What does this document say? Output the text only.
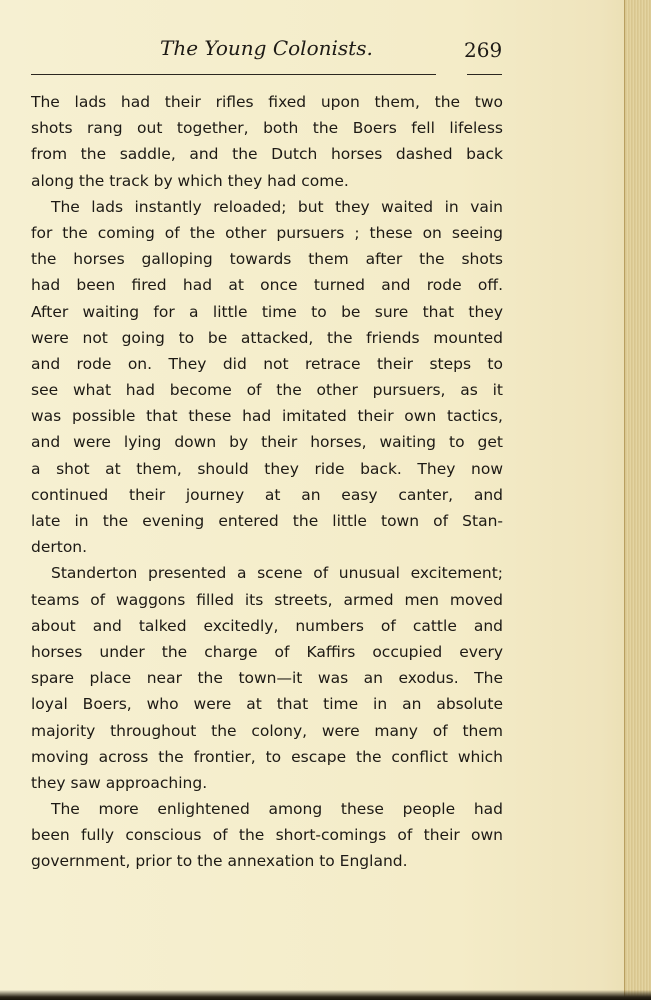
The Young Colonists.	269
The lads had their rifles fixed upon them, the two
shots rang out together, both the Boers fell lifeless
from the saddle, and the Dutch horses dashed back
along the track by which they had come.
The lads instantly reloaded; but they waited in vain
for the coming of the other pursuers ; these on seeing
the horses galloping towards them after the shots
had been fired had at once turned and rode off.
After waiting for a little time to be sure that they
were not going to be attacked, the friends mounted
and rode on. They did not retrace their steps to
see what had become of the other pursuers, as it
was possible that these had imitated their own tactics,
and were lying down by their horses, waiting to get
a shot at them, should they ride back. They now
continued their journey at an easy canter, and
late in the evening entered the little town of Stan-
derton.
Standerton presented a scene of unusual excitement;
teams of waggons filled its streets, armed men moved
about and talked excitedly, numbers of cattle and
horses under the charge of Kaffirs occupied every
spare place near the town—it was an exodus. The
loyal Boers, who were at that time in an absolute
majority throughout the colony, were many of them
moving across the frontier, to escape the conflict which
they saw approaching.
The more enlightened among these people had
been fully conscious of the short-comings of their own
government, prior to the annexation to England.
